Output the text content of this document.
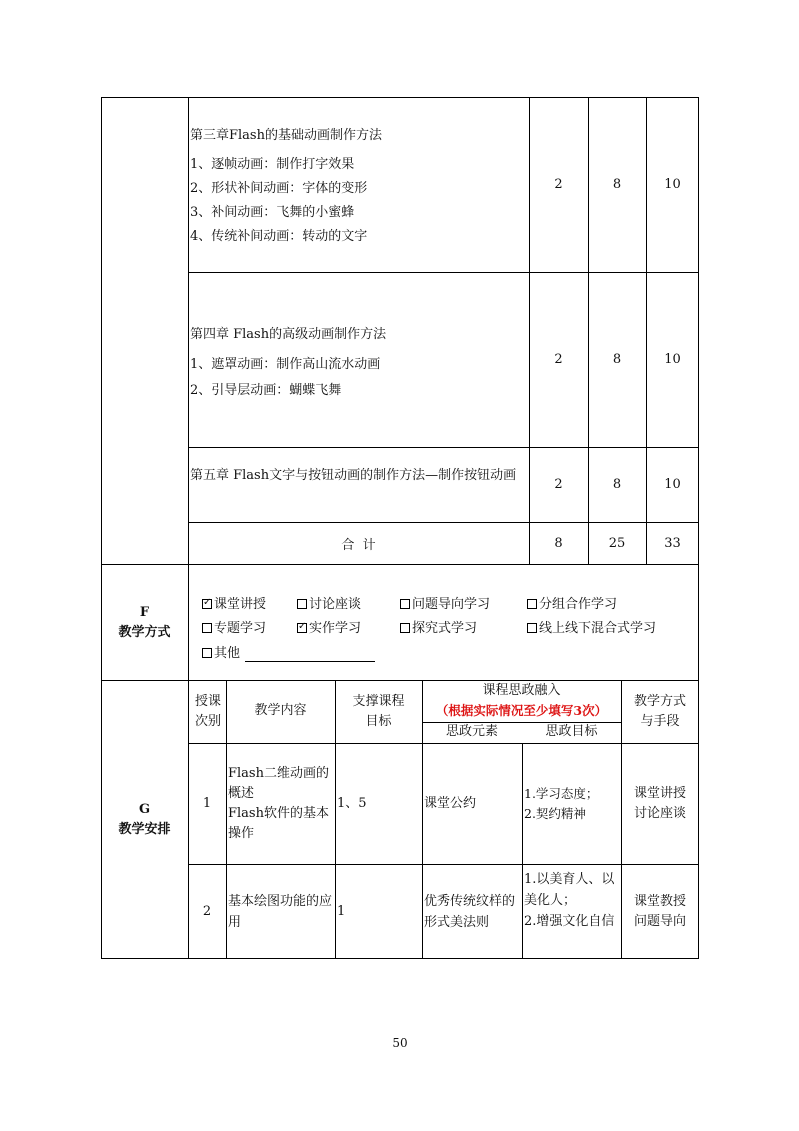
第三章Flash的基础动画制作方法
1、逐帧动画：制作打字效果
2、形状补间动画：字体的变形
3、补间动画：飞舞的小蜜蜂
4、传统补间动画：转动的文字
2	8	10
第四章 Flash的高级动画制作方法
1、遮罩动画：制作高山流水动画
2、引导层动画：蝴蝶飞舞
2	8	10
第五章 Flash文字与按钮动画的制作方法—制作按钮动画
2	8	10
合  计	8	25	33
F
教学方式
✓课堂讲授	讨论座谈	问题导向学习	分组合作学习
专题学习
✓	实作学习	探究式学习	线上线下混合式学习
其他
G
教学安排
授课次别
教学内容
支撑课程目标
课程思政融入
（根据实际情况至少填写3次）
思政元素	思政目标
教学方式与手段
1
Flash二维动画的概述
Flash软件的基本操作
1、5	课堂公约
1.学习态度；
2.契约精神
课堂讲授
讨论座谈
2
基本绘图功能的应用
1
优秀传统纹样的形式美法则
1.以美育人、以美化人；
2.增强文化自信
课堂教授
问题导向
50
